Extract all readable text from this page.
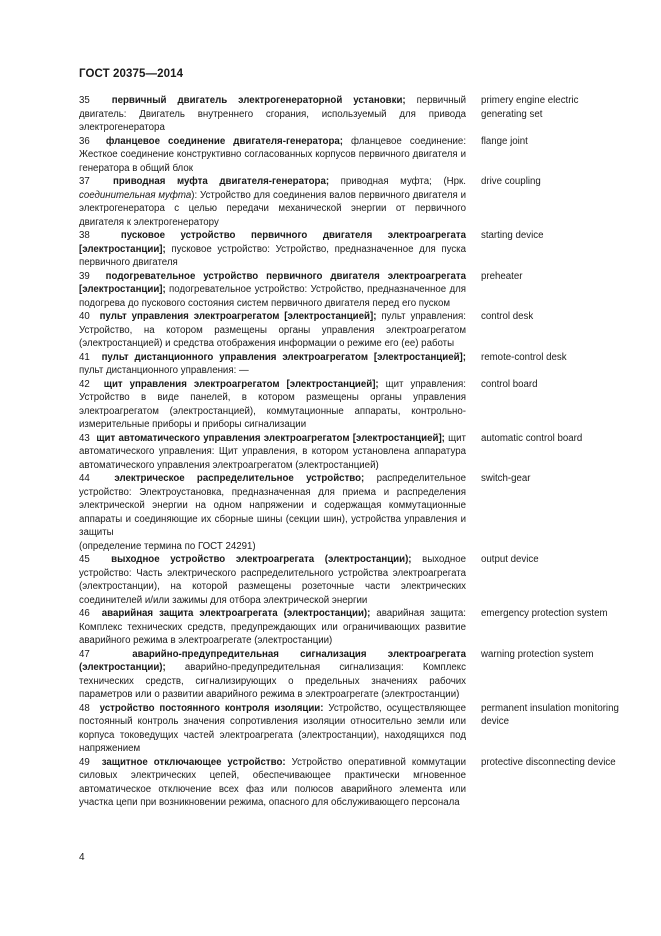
ГОСТ 20375—2014
35 первичный двигатель электрогенераторной установки; первичный двигатель: Двигатель внутреннего сгорания, используемый для привода электрогенератора
primery engine electric generating set
36 фланцевое соединение двигателя-генератора; фланцевое соединение: Жесткое соединение конструктивно согласованных корпусов первичного двигателя и генератора в общий блок
flange joint
37 приводная муфта двигателя-генератора; приводная муфта; (Нрк. соединительная муфта): Устройство для соединения валов первичного двигателя и электрогенератора с целью передачи механической энергии от первичного двигателя к электрогенератору
drive coupling
38	пусковое устройство первичного двигателя электроагрегата [электростанции]; пусковое устройство: Устройство, предназначенное для пуска первичного двигателя
starting device
39 подогревательное устройство первичного двигателя электроагрегата [электростанции]; подогревательное устройство: Устройство, предназначенное для подогрева до пускового состояния систем первичного двигателя перед его пуском
preheater
40 пульт управления электроагрегатом [электростанцией]; пульт управления: Устройство, на котором размещены органы управления электроагрегатом (электростанцией) и средства отображения информации о режиме его (ее) работы
control desk
41 пульт дистанционного управления электроагрегатом [электростанцией]; пульт дистанционного управления: —
remote-control desk
42 щит управления электроагрегатом [электростанцией]; щит управления: Устройство в виде панелей, в котором размещены органы управления электроагрегатом (электростанцией), коммутационные аппараты, контрольно-измерительные приборы и приборы сигнализации
control board
43 щит автоматического управления электроагрегатом [электростанцией]; щит автоматического управления: Щит управления, в котором установлена аппаратура автоматического управления электроагрегатом (электростанцией)
automatic control board
44	электрическое распределительное устройство; распределительное устройство: Электроустановка, предназначенная для приема и распределения электрической энергии на одном напряжении и содержащая коммутационные аппараты и соединяющие их сборные шины (секции шин), устройства управления и защиты
(определение термина по ГОСТ 24291)
switch-gear
45 выходное устройство электроагрегата (электростанции); выходное устройство: Часть электрического распределительного устройства электроагрегата (электростанции), на которой размещены розеточные части электрических соединителей и/или зажимы для отбора электрической энергии
output device
46 аварийная защита электроагрегата (электростанции); аварийная защита: Комплекс технических средств, предупреждающих или ограничивающих развитие аварийного режима в электроагрегате (электростанции)
emergency protection system
47	аварийно-предупредительная сигнализация электроагрегата (электростанции); аварийно-предупредительная сигнализация: Комплекс технических средств, сигнализирующих о предельных значениях рабочих параметров или о развитии аварийного режима в электроагрегате (электростанции)
warning protection system
48 устройство постоянного контроля изоляции: Устройство, осуществляющее постоянный контроль значения сопротивления изоляции относительно земли или корпуса токоведущих частей электроагрегата (электростанции), находящихся под напряжением
permanent insulation monitoring device
49 защитное отключающее устройство: Устройство оперативной коммутации силовых электрических цепей, обеспечивающее практически мгновенное автоматическое отключение всех фаз или полюсов аварийного элемента или участка цепи при возникновении режима, опасного для обслуживающего персонала
protective disconnecting device
4
